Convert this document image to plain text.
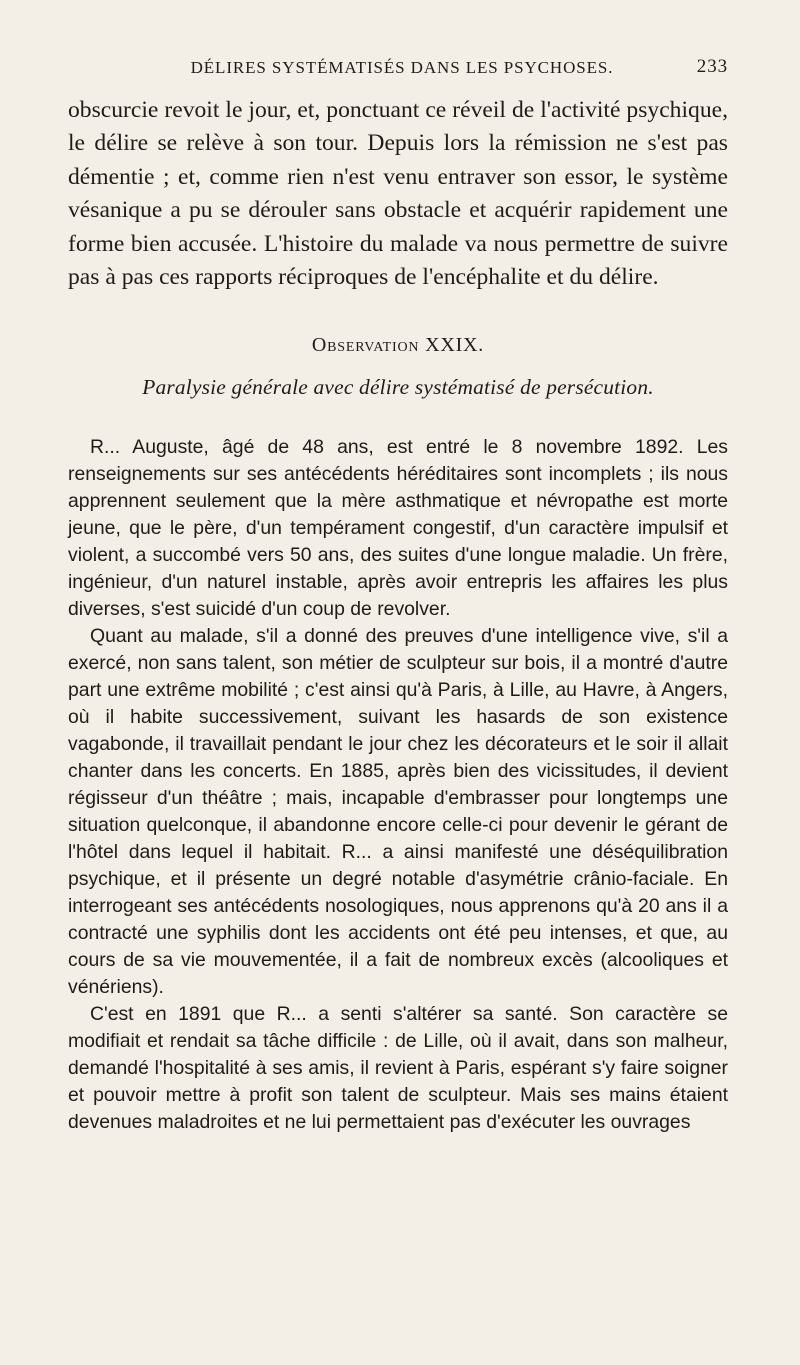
DÉLIRES SYSTÉMATISÉS DANS LES PSYCHOSES.	233

obscurcie revoit le jour, et, ponctuant ce réveil de l'activité psychique, le délire se relève à son tour. Depuis lors la rémission ne s'est pas démentie ; et, comme rien n'est venu entraver son essor, le système vésanique a pu se dérouler sans obstacle et acquérir rapidement une forme bien accusée. L'histoire du malade va nous permettre de suivre pas à pas ces rapports réciproques de l'encéphalite et du délire.

Observation XXIX.
Paralysie générale avec délire systématisé de persécution.

R... Auguste, âgé de 48 ans, est entré le 8 novembre 1892. Les renseignements sur ses antécédents héréditaires sont incomplets ; ils nous apprennent seulement que la mère asthmatique et névropathe est morte jeune, que le père, d'un tempérament congestif, d'un caractère impulsif et violent, a succombé vers 50 ans, des suites d'une longue maladie. Un frère, ingénieur, d'un naturel instable, après avoir entrepris les affaires les plus diverses, s'est suicidé d'un coup de revolver.

Quant au malade, s'il a donné des preuves d'une intelligence vive, s'il a exercé, non sans talent, son métier de sculpteur sur bois, il a montré d'autre part une extrême mobilité ; c'est ainsi qu'à Paris, à Lille, au Havre, à Angers, où il habite successivement, suivant les hasards de son existence vagabonde, il travaillait pendant le jour chez les décorateurs et le soir il allait chanter dans les concerts. En 1885, après bien des vicissitudes, il devient régisseur d'un théâtre ; mais, incapable d'embrasser pour longtemps une situation quelconque, il abandonne encore celle-ci pour devenir le gérant de l'hôtel dans lequel il habitait. R... a ainsi manifesté une déséquilibration psychique, et il présente un degré notable d'asymétrie crânio-faciale. En interrogeant ses antécédents nosologiques, nous apprenons qu'à 20 ans il a contracté une syphilis dont les accidents ont été peu intenses, et que, au cours de sa vie mouvementée, il a fait de nombreux excès (alcooliques et vénériens).

C'est en 1891 que R... a senti s'altérer sa santé. Son caractère se modifiait et rendait sa tâche difficile : de Lille, où il avait, dans son malheur, demandé l'hospitalité à ses amis, il revient à Paris, espérant s'y faire soigner et pouvoir mettre à profit son talent de sculpteur. Mais ses mains étaient devenues maladroites et ne lui permettaient pas d'exécuter les ouvrages
